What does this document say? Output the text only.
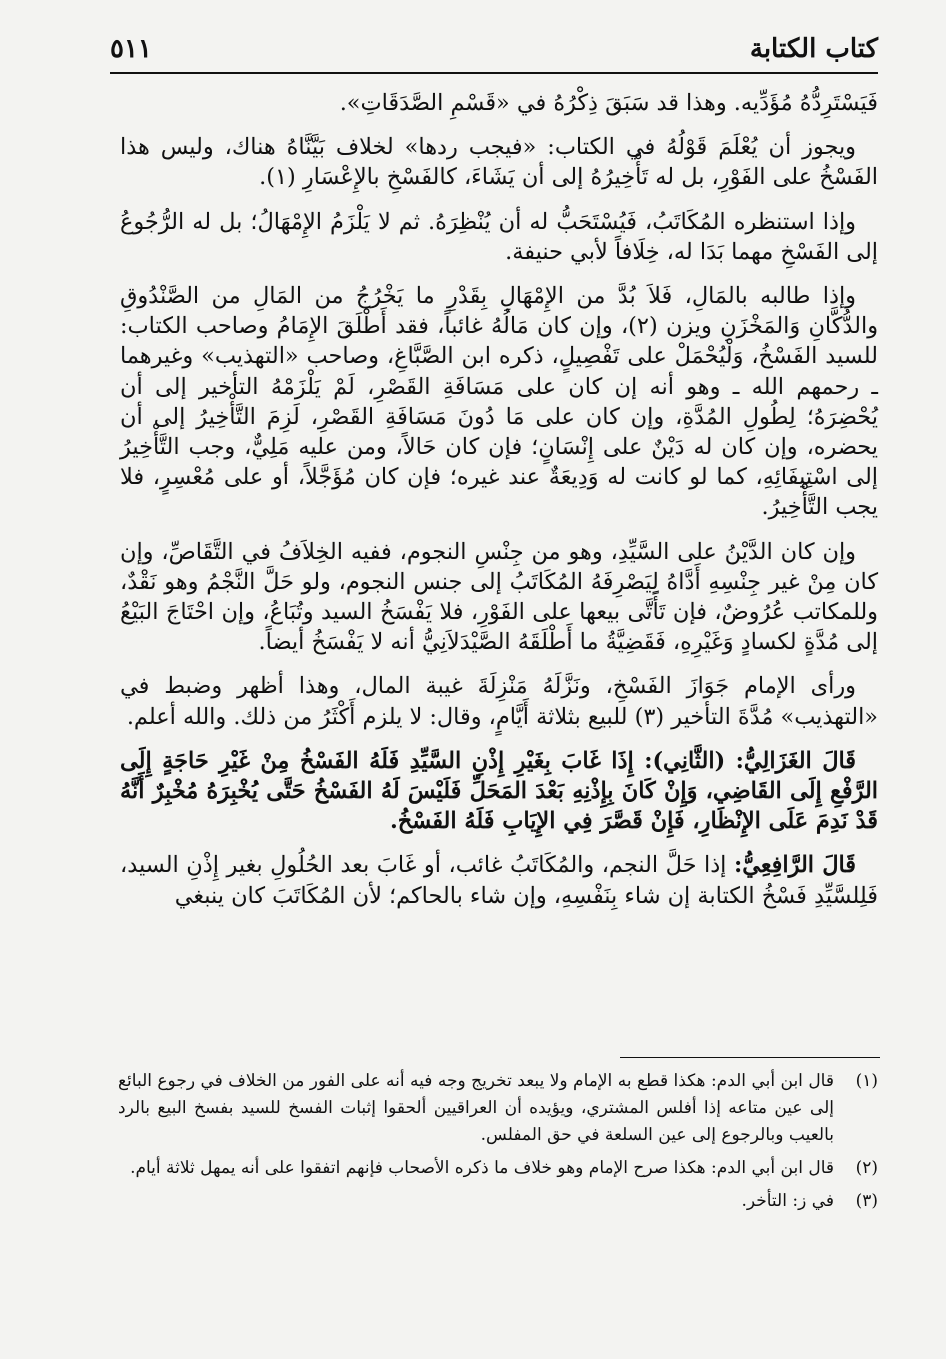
كتاب الكتابة
٥١١

فَيَسْتَرِدُّهُ مُؤَدِّيه. وهذا قد سَبَقَ ذِكْرُهُ في «قَسْمِ الصَّدَقَاتِ».

ويجوز أن يُعْلَمَ قَوْلُهُ في الكتاب: «فيجب ردها» لخلاف بَيَّنَّاهُ هناك، وليس هذا الفَسْخُ على الفَوْرِ، بل له تَأْخِيرُهُ إلى أن يَشَاءَ، كالفَسْخِ بالإِعْسَارِ (١).

وإذا استنظره المُكَاتَبُ، فَيُسْتَحَبُّ له أن يُنْظِرَهُ. ثم لا يَلْزَمُ الإِمْهَالُ؛ بل له الرُّجُوعُ إلى الفَسْخِ مهما بَدَا له، خِلَافاً لأبي حنيفة.

وإذا طالبه بالمَالِ، فَلاَ بُدَّ من الإِمْهَالِ بِقَدْرِ ما يَخْرُجُ من المَالِ من الصَّنْدُوقِ والدُّكَّانِ وَالمَخْزَنِ ويزن (٢)، وإن كان مَالُهُ غائباً، فقد أَطْلَقَ الإِمَامُ وصاحب الكتاب: للسيد الفَسْخُ، وَلْيُحْمَلْ على تَفْصِيلٍ، ذكره ابن الصَّبَّاغِ، وصاحب «التهذيب» وغيرهما ـ رحمهم الله ـ وهو أنه إن كان على مَسَافَةِ القَصْرِ، لَمْ يَلْزَمْهُ التأخير إلى أن يُحْضِرَهُ؛ لِطُولِ المُدَّةِ، وإن كان على مَا دُونَ مَسَافَةِ القَصْرِ، لَزِمَ التَّأْخِيرُ إلى أن يحضره، وإن كان له دَيْنٌ على إِنْسَانٍ؛ فإن كان حَالاً، ومن عليه مَلِيٌّ، وجب التَّأْخِيرُ إلى اسْتِيفَائِهِ، كما لو كانت له وَدِيعَةٌ عند غيره؛ فإن كان مُؤَجَّلاً، أو على مُعْسِرٍ، فلا يجب التَّأْخِيرُ.

وإن كان الدَّيْنُ على السَّيِّدِ، وهو من جِنْسِ النجوم، ففيه الخِلاَفُ في التَّقَاصِّ، وإن كان مِنْ غير جِنْسِهِ أَدَّاهُ لِيَصْرِفَهُ المُكَاتَبُ إلى جنس النجوم، ولو حَلَّ النَّجْمُ وهو نَقْدٌ، وللمكاتب عُرُوضٌ، فإن تَأَتَّى بيعها على الفَوْرِ، فلا يَفْسَخُ السيد وتُبَاعُ، وإن احْتَاجَ البَيْعُ إلى مُدَّةٍ لكسادٍ وَغَيْرِهِ، فَقَضِيَّةُ ما أَطْلَقَهُ الصَّيْدَلاَنِيُّ أنه لا يَفْسَخُ أيضاً.

ورأى الإمام جَوَازَ الفَسْخِ، ونَزَّلَهُ مَنْزِلَةَ غيبة المال، وهذا أظهر وضبط في «التهذيب» مُدَّةَ التأخير (٣) للبيع بثلاثة أَيَّامٍ، وقال: لا يلزم أَكْثَرُ من ذلك. والله أعلم.

قَالَ الغَزَالِيُّ: (الثَّانِي): إِذَا غَابَ بِغَيْرِ إِذْنِ السَّيِّدِ فَلَهُ الفَسْخُ مِنْ غَيْرِ حَاجَةٍ إِلَى الرَّفْعِ إِلَى القَاضِي، وَإِنْ كَانَ بِإِذْنِهِ بَعْدَ المَحَلِّ فَلَيْسَ لَهُ الفَسْخُ حَتَّى يُخْبِرَهُ مُخْبِرٌ أَنَّهُ قَدْ نَدِمَ عَلَى الإِنْظَارِ، فَإِنْ قَصَّرَ فِي الإِيَابِ فَلَهُ الفَسْخُ.

قَالَ الرَّافِعِيُّ: إذا حَلَّ النجم، والمُكَاتَبُ غائب، أو غَابَ بعد الحُلُولِ بغير إِذْنِ السيد، فَلِلسَّيِّدِ فَسْخُ الكتابة إن شاء بِنَفْسِهِ، وإن شاء بالحاكم؛ لأن المُكَاتَبَ كان ينبغي

(١)
قال ابن أبي الدم: هكذا قطع به الإمام ولا يبعد تخريج وجه فيه أنه على الفور من الخلاف في رجوع البائع إلى عين متاعه إذا أفلس المشتري، ويؤيده أن العراقيين ألحقوا إثبات الفسخ للسيد بفسخ البيع بالرد بالعيب وبالرجوع إلى عين السلعة في حق المفلس.
(٢)
قال ابن أبي الدم: هكذا صرح الإمام وهو خلاف ما ذكره الأصحاب فإنهم اتفقوا على أنه يمهل ثلاثة أيام.
(٣)
في ز: التأخر.
